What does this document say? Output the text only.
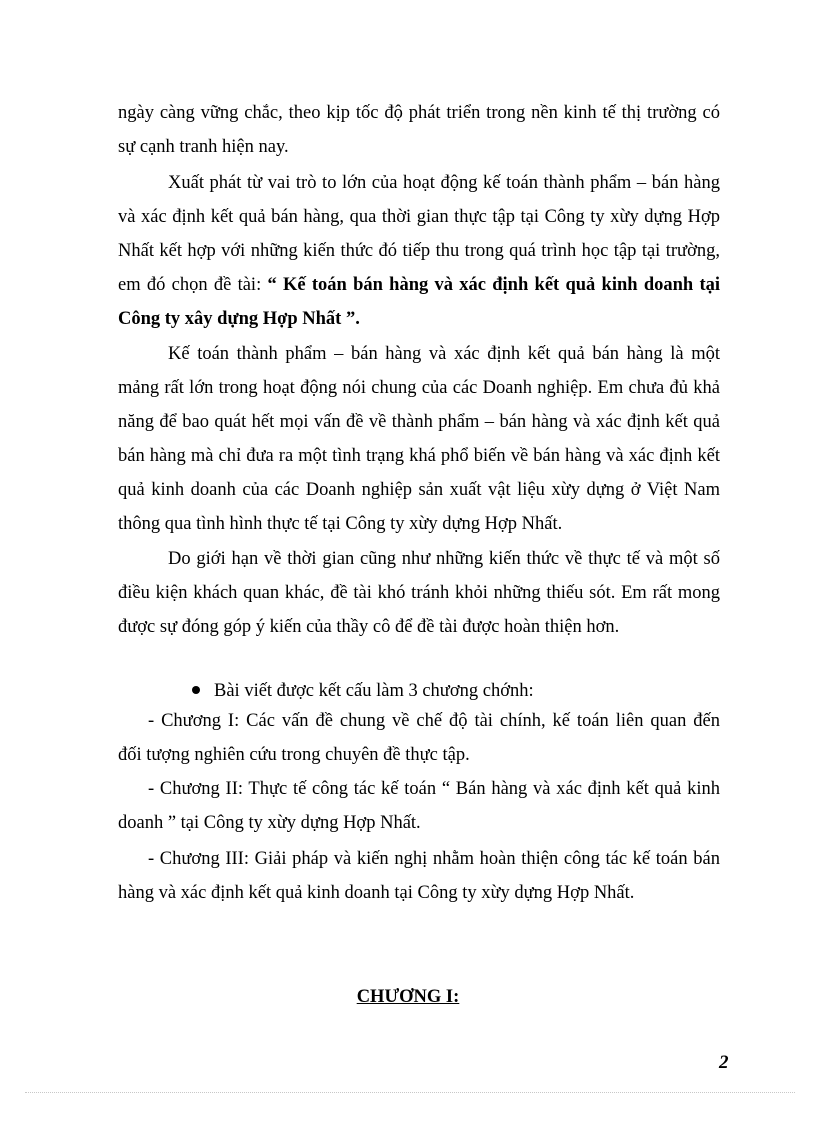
ngày càng vững chắc, theo kịp tốc độ phát triển trong nền kinh tế thị trường có
sự cạnh tranh hiện nay.
Xuất phát từ vai trò to lớn của hoạt động kế toán thành phẩm – bán hàng
và xác định kết quả bán hàng, qua thời gian thực tập tại Công ty xừy dựng Hợp
Nhất kết hợp với những kiến thức đó tiếp thu trong quá trình học tập tại trường,
em đó chọn đề tài: “ Kế toán bán hàng và xác định kết quả kinh doanh tại
Công ty xây dựng Hợp Nhất ”.
Kế toán thành phẩm – bán hàng và xác định kết quả bán hàng là một
mảng rất lớn trong hoạt động nói chung của các Doanh nghiệp. Em chưa đủ khả
năng để bao quát hết mọi vấn đề về thành phẩm – bán hàng và xác định kết quả
bán hàng mà chỉ đưa ra một tình trạng khá phổ biến về bán hàng và xác định kết
quả kinh doanh của các Doanh nghiệp sản xuất vật liệu xừy dựng ở Việt Nam
thông qua tình hình thực tế tại Công ty xừy dựng Hợp Nhất.
Do giới hạn về thời gian cũng như những kiến thức về thực tế và một số
điều kiện khách quan khác, đề tài khó tránh khỏi những thiếu sót. Em rất mong
được sự đóng góp ý kiến của thầy cô để đề tài được hoàn thiện hơn.
Bài viết được kết cấu làm 3 chương chớnh:
- Chương I: Các vấn đề chung về chế độ tài chính, kế toán liên quan đến
đối tượng nghiên cứu trong chuyên đề thực tập.
- Chương II: Thực tế công tác kế toán “ Bán hàng và xác định kết quả kinh
doanh ” tại Công ty xừy dựng Hợp Nhất.
- Chương III: Giải pháp và kiến nghị nhằm hoàn thiện công tác kế toán bán
hàng và xác định kết quả kinh doanh tại Công ty xừy dựng Hợp Nhất.
CHƯƠNG I:
2
